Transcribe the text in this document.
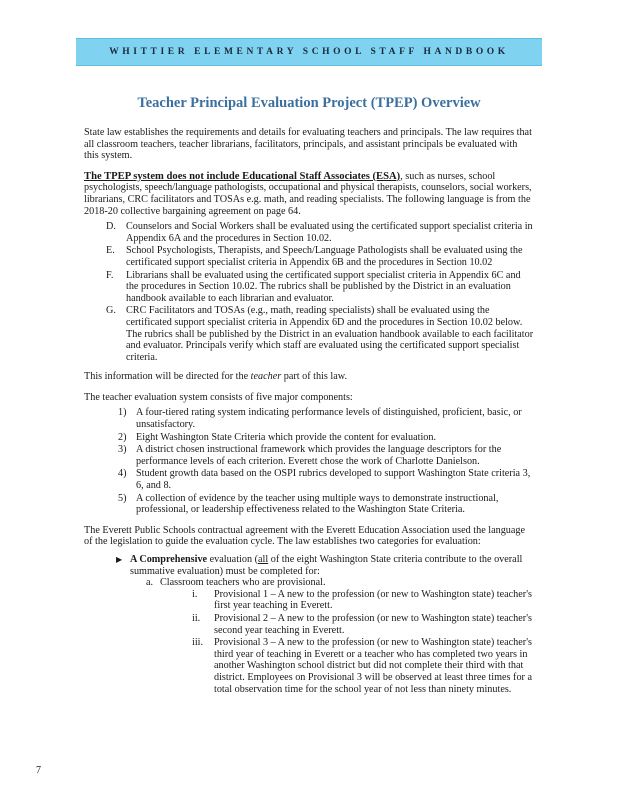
WHITTIER ELEMENTARY SCHOOL STAFF HANDBOOK
Teacher Principal Evaluation Project (TPEP) Overview

State law establishes the requirements and details for evaluating teachers and principals. The law requires that all classroom teachers, teacher librarians, facilitators, principals, and assistant principals be evaluated with this system.

The TPEP system does not include Educational Staff Associates (ESA), such as nurses, school psychologists, speech/language pathologists, occupational and physical therapists, counselors, social workers, librarians, CRC facilitators and TOSAs e.g. math, and reading specialists. The following language is from the 2018-20 collective bargaining agreement on page 64.

D. Counselors and Social Workers shall be evaluated using the certificated support specialist criteria in Appendix 6A and the procedures in Section 10.02.
E. School Psychologists, Therapists, and Speech/Language Pathologists shall be evaluated using the certificated support specialist criteria in Appendix 6B and the procedures in Section 10.02
F. Librarians shall be evaluated using the certificated support specialist criteria in Appendix 6C and the procedures in Section 10.02. The rubrics shall be published by the District in an evaluation handbook available to each librarian and evaluator.
G. CRC Facilitators and TOSAs (e.g., math, reading specialists) shall be evaluated using the certificated support specialist criteria in Appendix 6D and the procedures in Section 10.02 below. The rubrics shall be published by the District in an evaluation handbook available to each facilitator and evaluator. Principals verify which staff are evaluated using the certificated support specialist criteria.

This information will be directed for the teacher part of this law.

The teacher evaluation system consists of five major components:

1) A four-tiered rating system indicating performance levels of distinguished, proficient, basic, or unsatisfactory.
2) Eight Washington State Criteria which provide the content for evaluation.
3) A district chosen instructional framework which provides the language descriptors for the performance levels of each criterion. Everett chose the work of Charlotte Danielson.
4) Student growth data based on the OSPI rubrics developed to support Washington State criteria 3, 6, and 8.
5) A collection of evidence by the teacher using multiple ways to demonstrate instructional, professional, or leadership effectiveness related to the Washington State Criteria.

The Everett Public Schools contractual agreement with the Everett Education Association used the language of the legislation to guide the evaluation cycle. The law establishes two categories for evaluation:

▶ A Comprehensive evaluation (all of the eight Washington State criteria contribute to the overall summative evaluation) must be completed for:
a. Classroom teachers who are provisional.
i. Provisional 1 – A new to the profession (or new to Washington state) teacher's first year teaching in Everett.
ii. Provisional 2 – A new to the profession (or new to Washington state) teacher's second year teaching in Everett.
iii. Provisional 3 – A new to the profession (or new to Washington state) teacher's third year of teaching in Everett or a teacher who has completed two years in another Washington school district but did not complete their third with that district. Employees on Provisional 3 will be observed at least three times for a total observation time for the school year of not less than ninety minutes.
7
